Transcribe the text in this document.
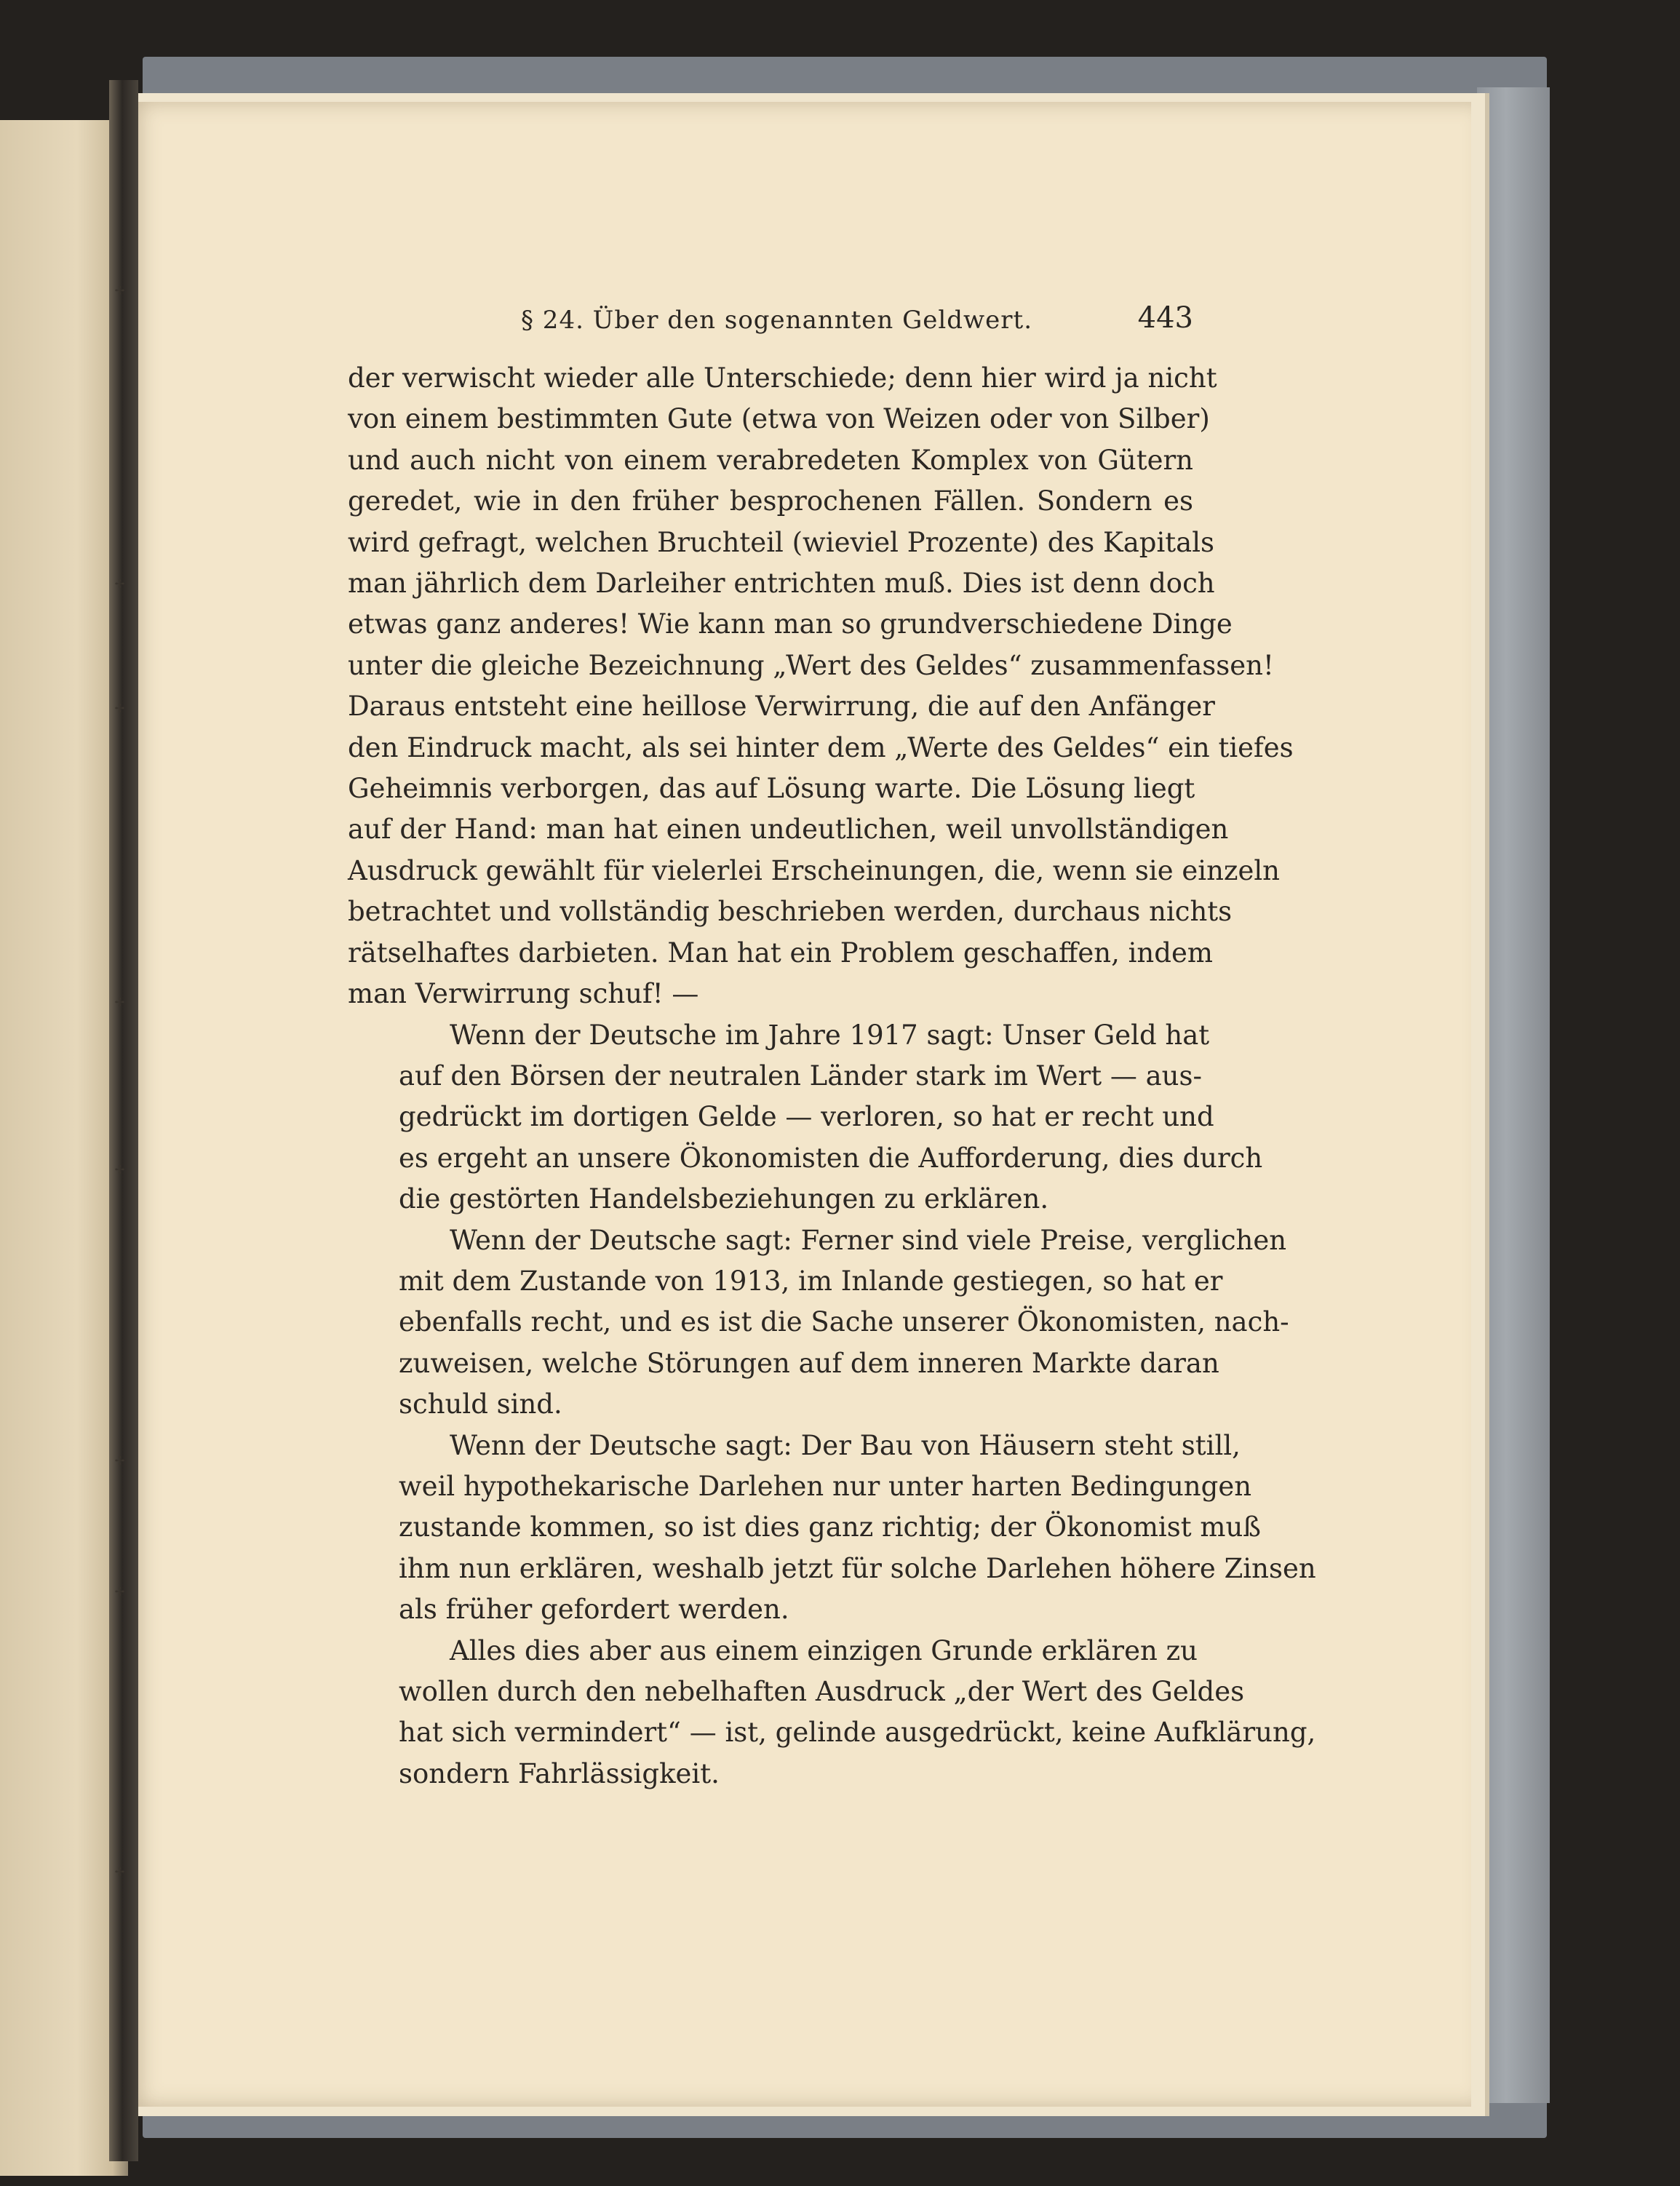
✢
✢
✢
✢
✢
✢
✢
✢
§ 24. Über den sogenannten Geldwert.	443

der verwischt wieder alle Unterschiede; denn hier wird ja nicht
von einem bestimmten Gute (etwa von Weizen oder von Silber)
und auch nicht von einem verabredeten Komplex von Gütern
geredet, wie in den früher besprochenen Fällen. Sondern es
wird gefragt, welchen Bruchteil (wieviel Prozente) des Kapitals
man jährlich dem Darleiher entrichten muß. Dies ist denn doch
etwas ganz anderes! Wie kann man so grundverschiedene Dinge
unter die gleiche Bezeichnung „Wert des Geldes“ zusammenfassen!
Daraus entsteht eine heillose Verwirrung, die auf den Anfänger
den Eindruck macht, als sei hinter dem „Werte des Geldes“ ein tiefes
Geheimnis verborgen, das auf Lösung warte. Die Lösung liegt
auf der Hand: man hat einen undeutlichen, weil unvollständigen
Ausdruck gewählt für vielerlei Erscheinungen, die, wenn sie einzeln
betrachtet und vollständig beschrieben werden, durchaus nichts
rätselhaftes darbieten. Man hat ein Problem geschaffen, indem
man Verwirrung schuf! —

Wenn der Deutsche im Jahre 1917 sagt: Unser Geld hat
auf den Börsen der neutralen Länder stark im Wert — aus-
gedrückt im dortigen Gelde — verloren, so hat er recht und
es ergeht an unsere Ökonomisten die Aufforderung, dies durch
die gestörten Handelsbeziehungen zu erklären.

Wenn der Deutsche sagt: Ferner sind viele Preise, verglichen
mit dem Zustande von 1913, im Inlande gestiegen, so hat er
ebenfalls recht, und es ist die Sache unserer Ökonomisten, nach-
zuweisen, welche Störungen auf dem inneren Markte daran
schuld sind.

Wenn der Deutsche sagt: Der Bau von Häusern steht still,
weil hypothekarische Darlehen nur unter harten Bedingungen
zustande kommen, so ist dies ganz richtig; der Ökonomist muß
ihm nun erklären, weshalb jetzt für solche Darlehen höhere Zinsen
als früher gefordert werden.

Alles dies aber aus einem einzigen Grunde erklären zu
wollen durch den nebelhaften Ausdruck „der Wert des Geldes
hat sich vermindert“ — ist, gelinde ausgedrückt, keine Aufklärung,
sondern Fahrlässigkeit.
